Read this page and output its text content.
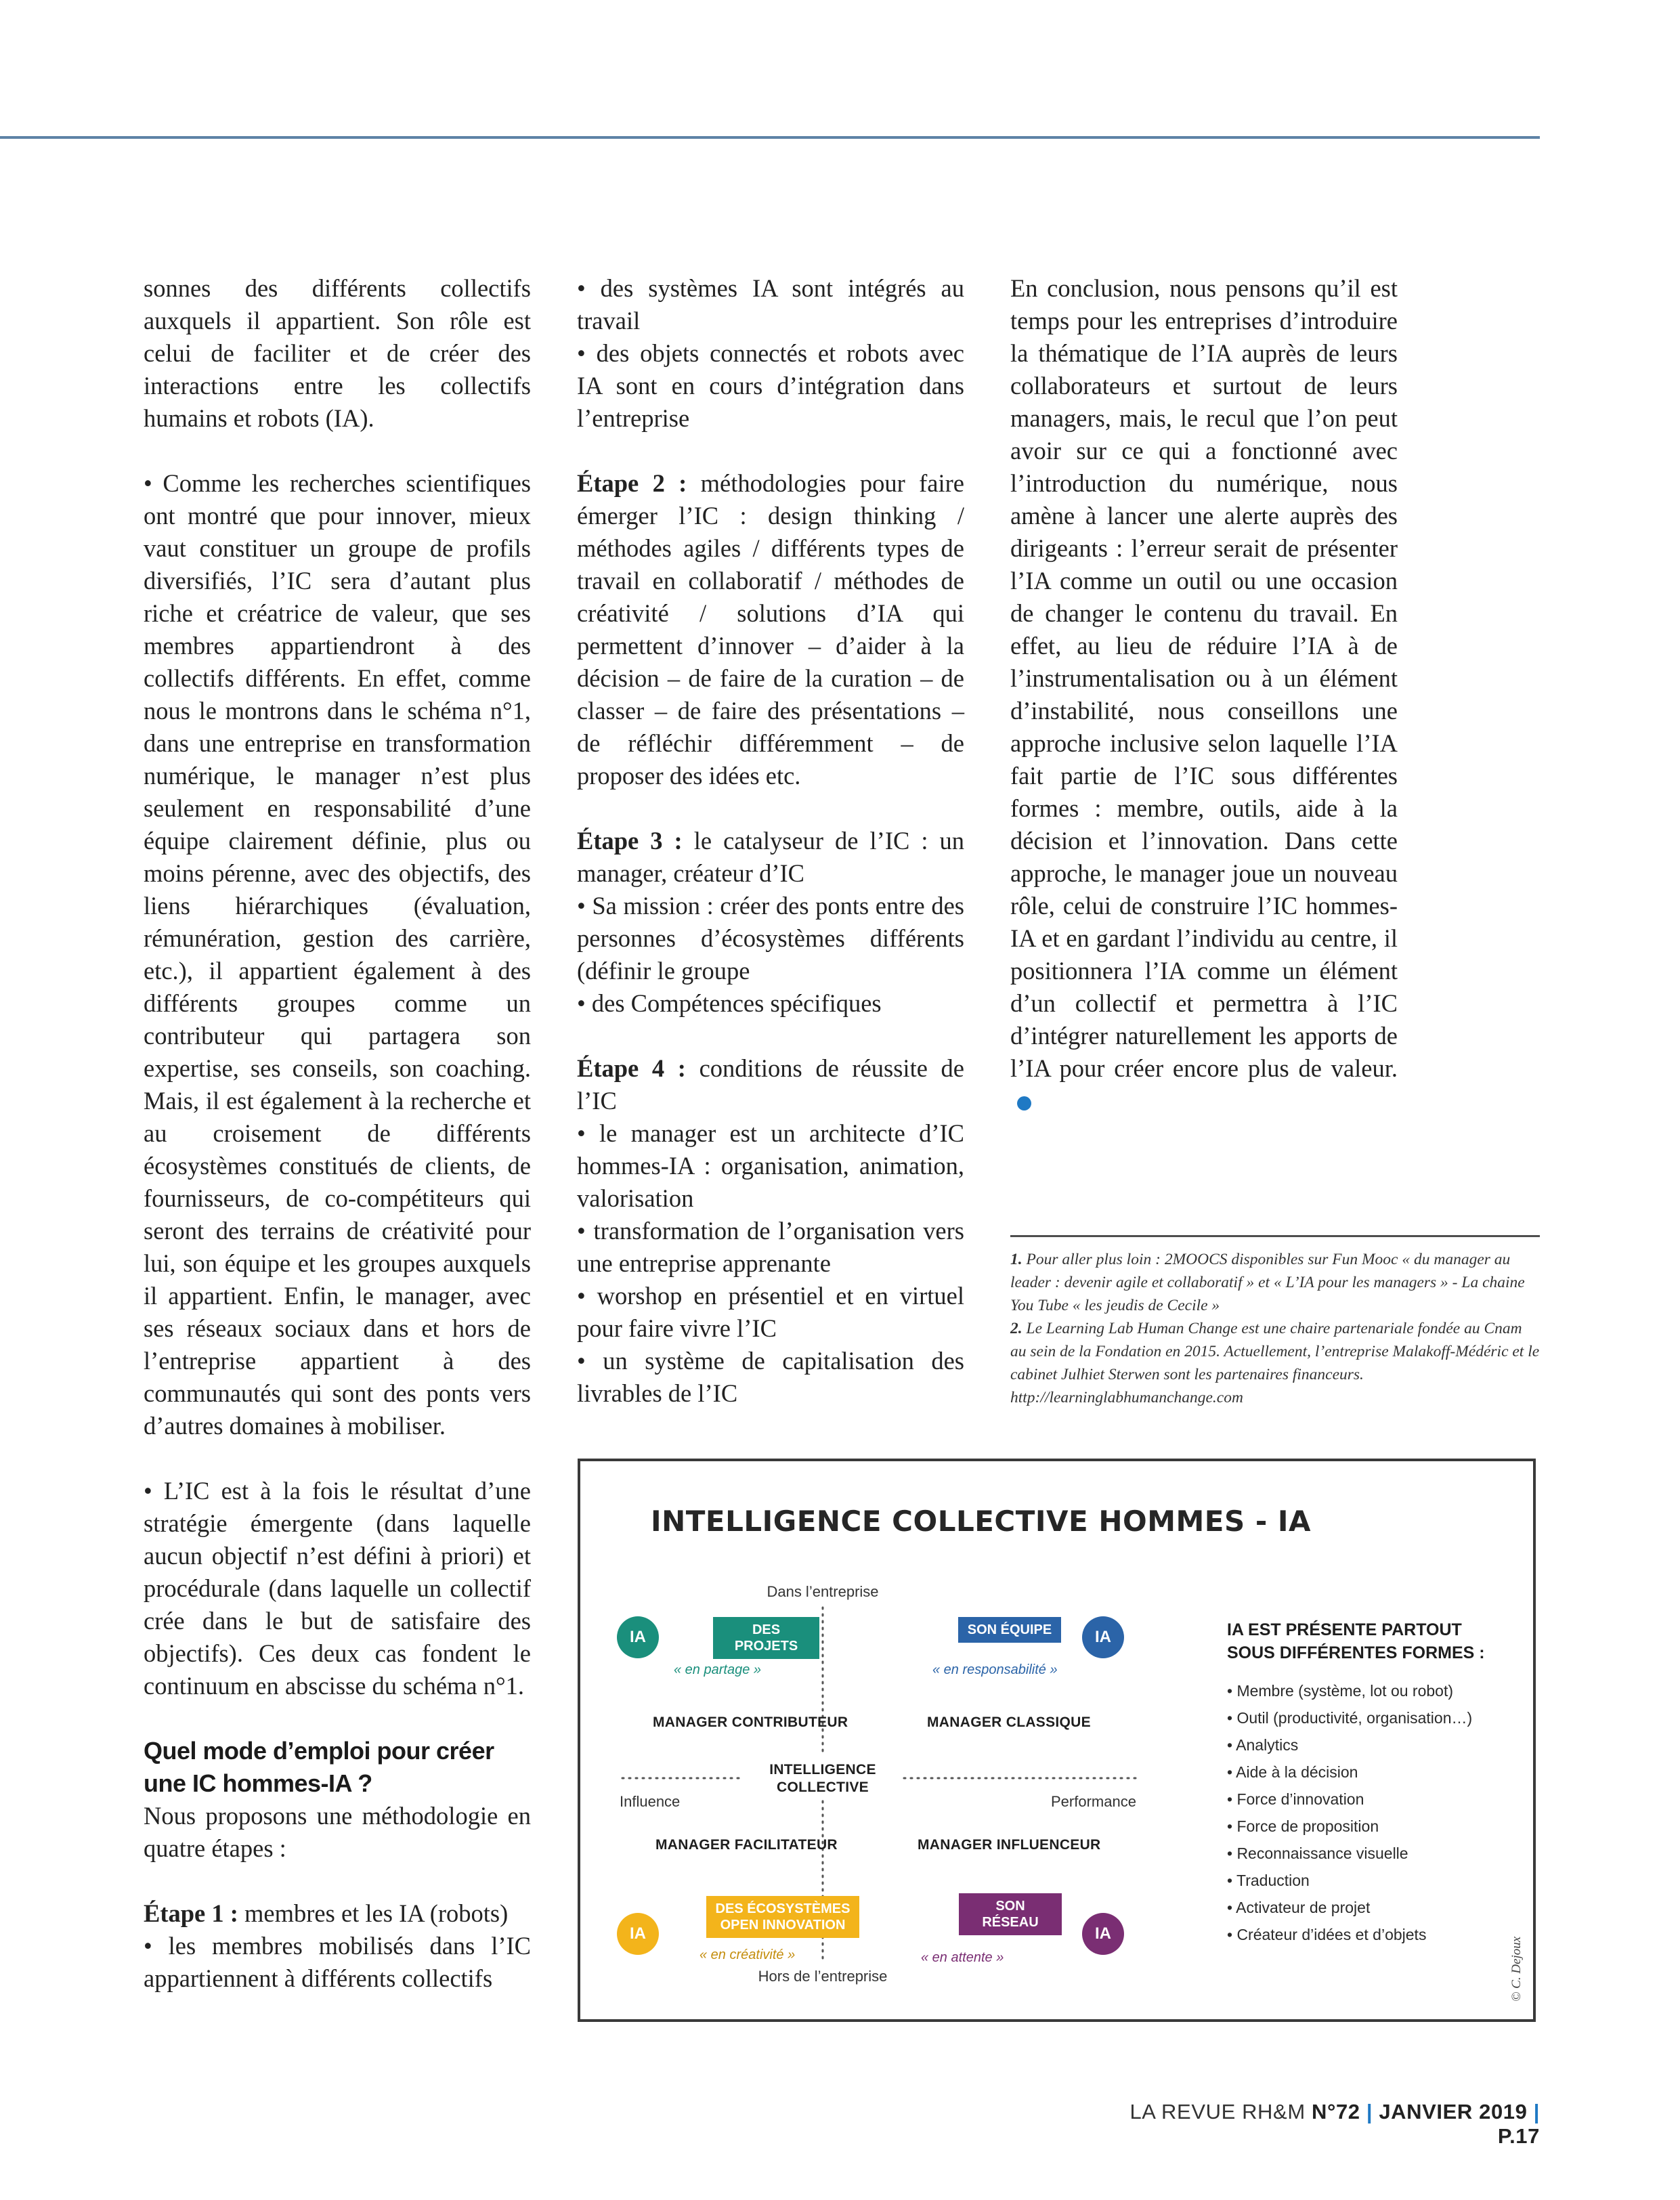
sonnes des différents collectifs auxquels il appartient. Son rôle est celui de faciliter et de créer des interactions entre les collectifs humains et robots (IA).

• Comme les recherches scientifiques ont montré que pour innover, mieux vaut constituer un groupe de profils diversifiés, l’IC sera d’autant plus riche et créatrice de valeur, que ses membres appartiendront à des collectifs différents. En effet, comme nous le montrons dans le schéma n°1, dans une entreprise en transformation numérique, le manager n’est plus seulement en responsabilité d’une équipe clairement définie, plus ou moins pérenne, avec des objectifs, des liens hiérarchiques (évaluation, rémunération, gestion des carrière, etc.), il appartient également à des différents groupes comme un contributeur qui partagera son expertise, ses conseils, son coaching. Mais, il est également à la recherche et au croisement de différents écosystèmes constitués de clients, de fournisseurs, de co-compétiteurs qui seront des terrains de créativité pour lui, son équipe et les groupes auxquels il appartient. Enfin, le manager, avec ses réseaux sociaux dans et hors de l’entreprise appartient à des communautés qui sont des ponts vers d’autres domaines à mobiliser.

• L’IC est à la fois le résultat d’une stratégie émergente (dans laquelle aucun objectif n’est défini à priori) et procédurale (dans laquelle un collectif crée dans le but de satisfaire des objectifs). Ces deux cas fondent le continuum en abscisse du schéma n°1.

Quel mode d’emploi pour créer une IC hommes-IA ?

Nous proposons une méthodologie en quatre étapes :

Étape 1 : membres et les IA (robots)

• les membres mobilisés dans l’IC appartiennent à différents collectifs

• des systèmes IA sont intégrés au travail

• des objets connectés et robots avec IA sont en cours d’intégration dans l’entreprise

Étape 2 : méthodologies pour faire émerger l’IC : design thinking / méthodes agiles / différents types de travail en collaboratif / méthodes de créativité / solutions d’IA qui permettent d’innover – d’aider à la décision – de faire de la curation – de classer – de faire des présentations – de réfléchir différemment – de proposer des idées etc.

Étape 3 : le catalyseur de l’IC : un manager, créateur d’IC

• Sa mission : créer des ponts entre des personnes d’écosystèmes différents (définir le groupe

• des Compétences spécifiques

Étape 4 : conditions de réussite de l’IC

• le manager est un architecte d’IC hommes-IA : organisation, animation, valorisation

• transformation de l’organisation vers une entreprise apprenante

• worshop en présentiel et en virtuel pour faire vivre l’IC

• un système de capitalisation des livrables de l’IC

En conclusion, nous pensons qu’il est temps pour les entreprises d’introduire la thématique de l’IA auprès de leurs collaborateurs et surtout de leurs managers, mais, le recul que l’on peut avoir sur ce qui a fonctionné avec l’introduction du numérique, nous amène à lancer une alerte auprès des dirigeants : l’erreur serait de présenter l’IA comme un outil ou une occasion de changer le contenu du travail. En effet, au lieu de réduire l’IA à de l’instrumentalisation ou à un élément d’instabilité, nous conseillons une approche inclusive selon laquelle l’IA fait partie de l’IC sous différentes formes : membre, outils, aide à la décision et l’innovation. Dans cette approche, le manager joue un nouveau rôle, celui de construire l’IC hommes-IA et en gardant l’individu au centre, il positionnera l’IA comme un élément d’un collectif et permettra à l’IC d’intégrer naturellement les apports de l’IA pour créer encore plus de valeur.

1. Pour aller plus loin : 2MOOCS disponibles sur Fun Mooc « du manager au leader : devenir agile et collaboratif » et « L’IA pour les managers » - La chaine You Tube « les jeudis de Cecile »

2. Le Learning Lab Human Change est une chaire partenariale fondée au Cnam au sein de la Fondation en 2015. Actuellement, l’entreprise Malakoff-Médéric et le cabinet Julhiet Sterwen sont les partenaires financeurs. http://learninglabhumanchange.com

INTELLIGENCE COLLECTIVE HOMMES - IA
Dans l’entreprise
Hors de l’entreprise
Influence	Performance
INTELLIGENCE
COLLECTIVE
IA	DES PROJETS
« en partage »
MANAGER CONTRIBUTEUR
SON ÉQUIPE	IA
« en responsabilité »
MANAGER CLASSIQUE
MANAGER FACILITATEUR
DES ÉCOSYSTÈMES
OPEN INNOVATION
IA
« en créativité »
MANAGER INFLUENCEUR
SON RÉSEAU
IA
« en attente »
IA EST PRÉSENTE PARTOUT
SOUS DIFFÉRENTES FORMES :
• Membre (système, lot ou robot)
• Outil (productivité, organisation…)
• Analytics
• Aide à la décision
• Force d’innovation
• Force de proposition
• Reconnaissance visuelle
• Traduction
• Activateur de projet
• Créateur d’idées et d’objets
© C. Dejoux
LA REVUE RH&M N°72 | JANVIER 2019 | P.17
